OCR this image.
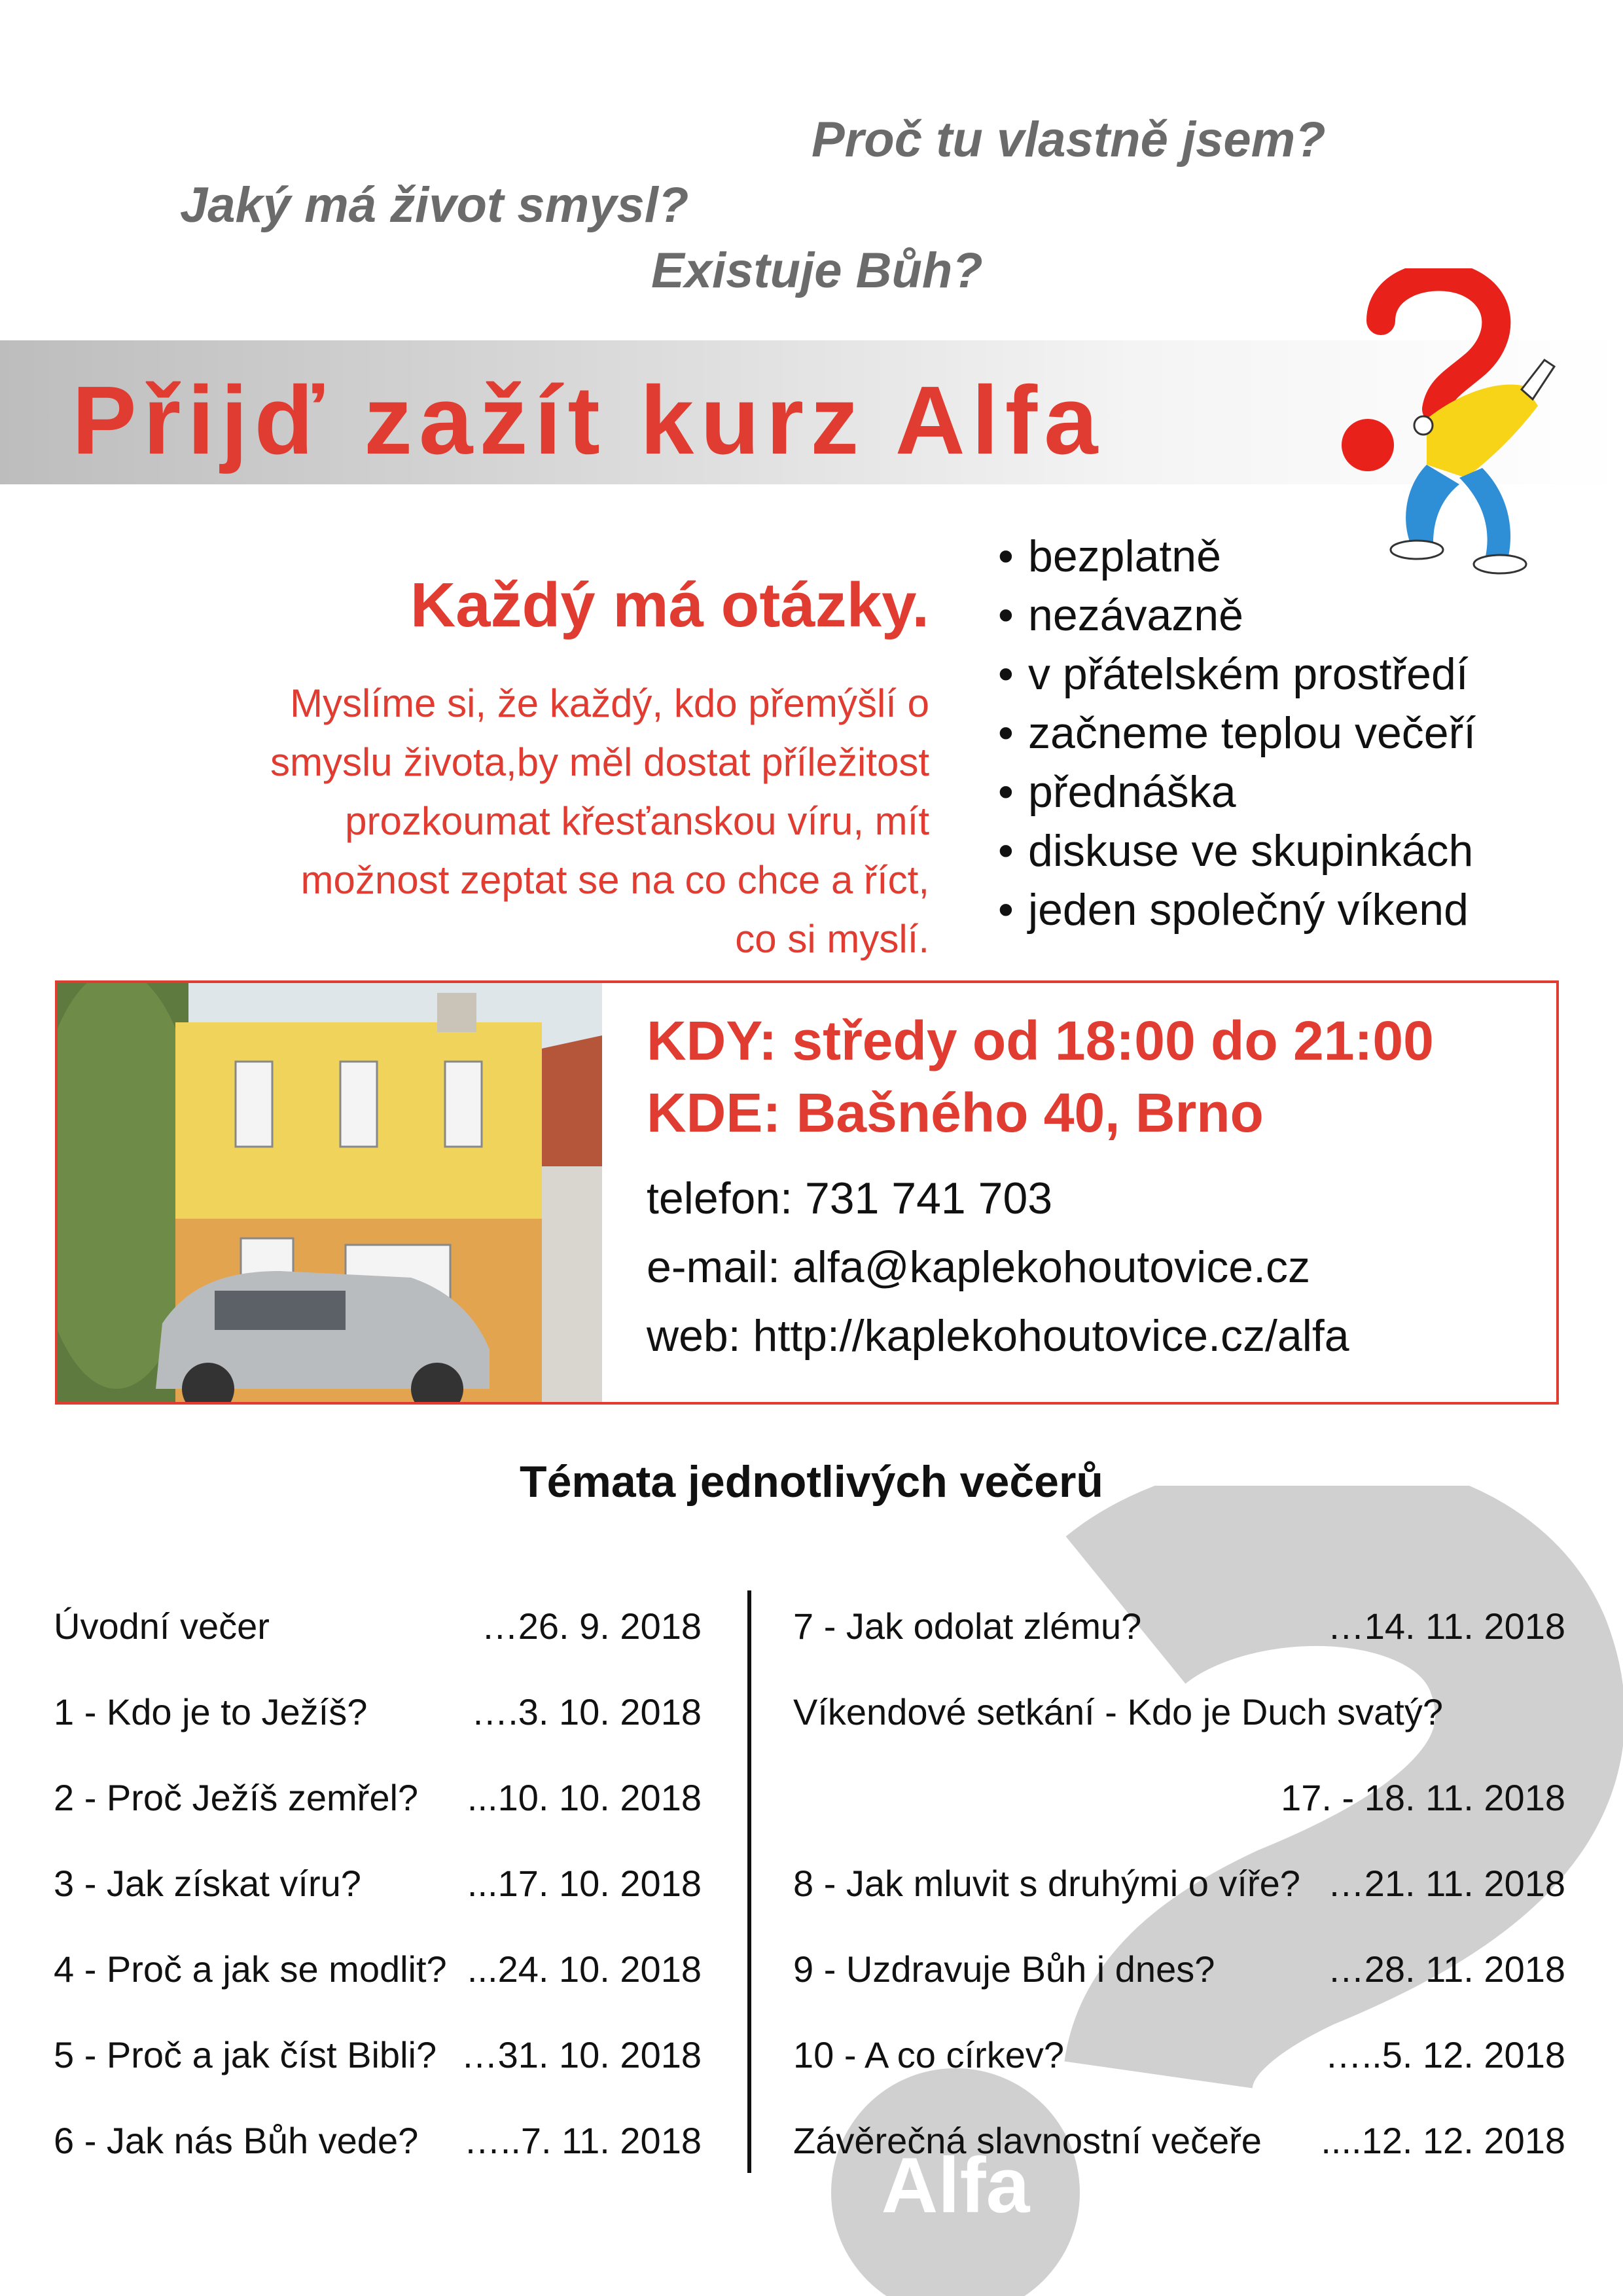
Proč tu vlastně jsem?
Jaký má život smysl?
Existuje Bůh?
Přijď zažít kurz Alfa
Každý má otázky.
Myslíme si, že každý, kdo přemýšlí o smyslu života,by měl dostat příležitost prozkoumat křesťanskou víru, mít možnost zeptat se na co chce a říct, co si myslí.
• bezplatně
• nezávazně
• v přátelském prostředí
• začneme teplou večeří
• přednáška
• diskuse ve skupinkách
• jeden společný víkend
KDY: středy od 18:00 do 21:00
KDE: Bašného 40, Brno
telefon: 731 741 703
e-mail: alfa@kaplekohoutovice.cz
web: http://kaplekohoutovice.cz/alfa
Alfa
Témata jednotlivých večerů
Úvodní večer	…26. 9. 2018
1 - Kdo je to Ježíš?	….3. 10. 2018
2 - Proč Ježíš zemřel? ...10. 10. 2018
3 - Jak získat víru?	...17. 10. 2018
4 - Proč a jak se modlit? ...24. 10. 2018
5 - Proč a jak číst Bibli? …31. 10. 2018
6 - Jak nás Bůh vede? …..7. 11. 2018
7 - Jak odolat zlému?	…14. 11. 2018
Víkendové setkání - Kdo je Duch svatý?
17. - 18. 11. 2018
8 - Jak mluvit s druhými o víře? …21. 11. 2018
9 - Uzdravuje Bůh i dnes?	…28. 11. 2018
10 - A co církev?	…..5. 12. 2018
Závěrečná slavnostní večeře ....12. 12. 2018
